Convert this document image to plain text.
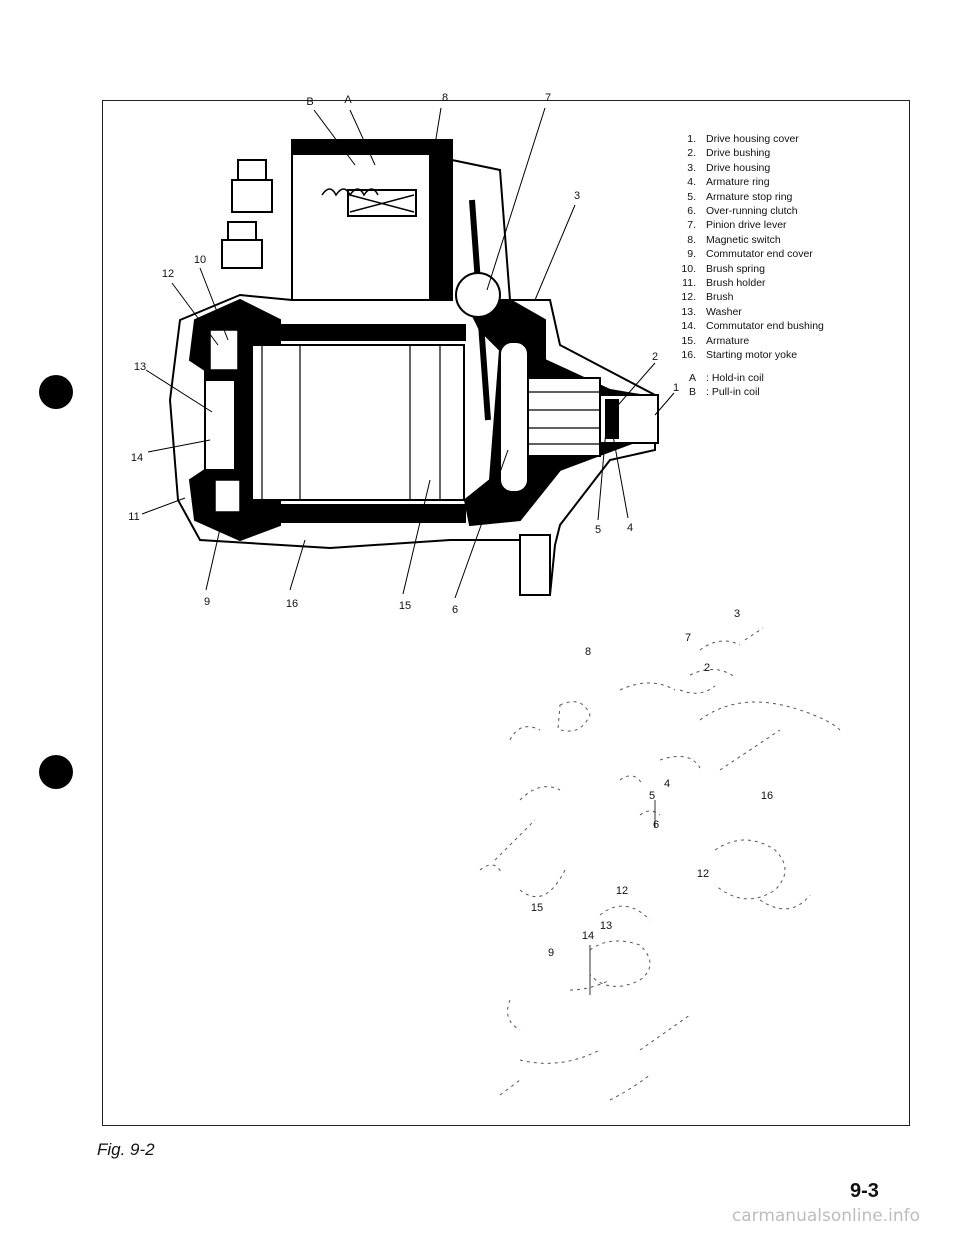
B	A	8	7
3
10
12
13
14
11
2
1
5 4
9	16	15	6	3
7
8
2
4
5	16
6
12
15
13
14
12
9
1. Drive housing cover
2. Drive bushing
3. Drive housing
4. Armature ring
5. Armature stop ring
6. Over-running clutch
7. Pinion drive lever
8. Magnetic switch
9. Commutator end cover
10. Brush spring
11. Brush holder
12. Brush
13. Washer
14. Commutator end bushing
15. Armature
16. Starting motor yoke
A : Hold-in coil
B : Pull-in coil
Fig. 9-2
9-3
carmanualsonline.info
